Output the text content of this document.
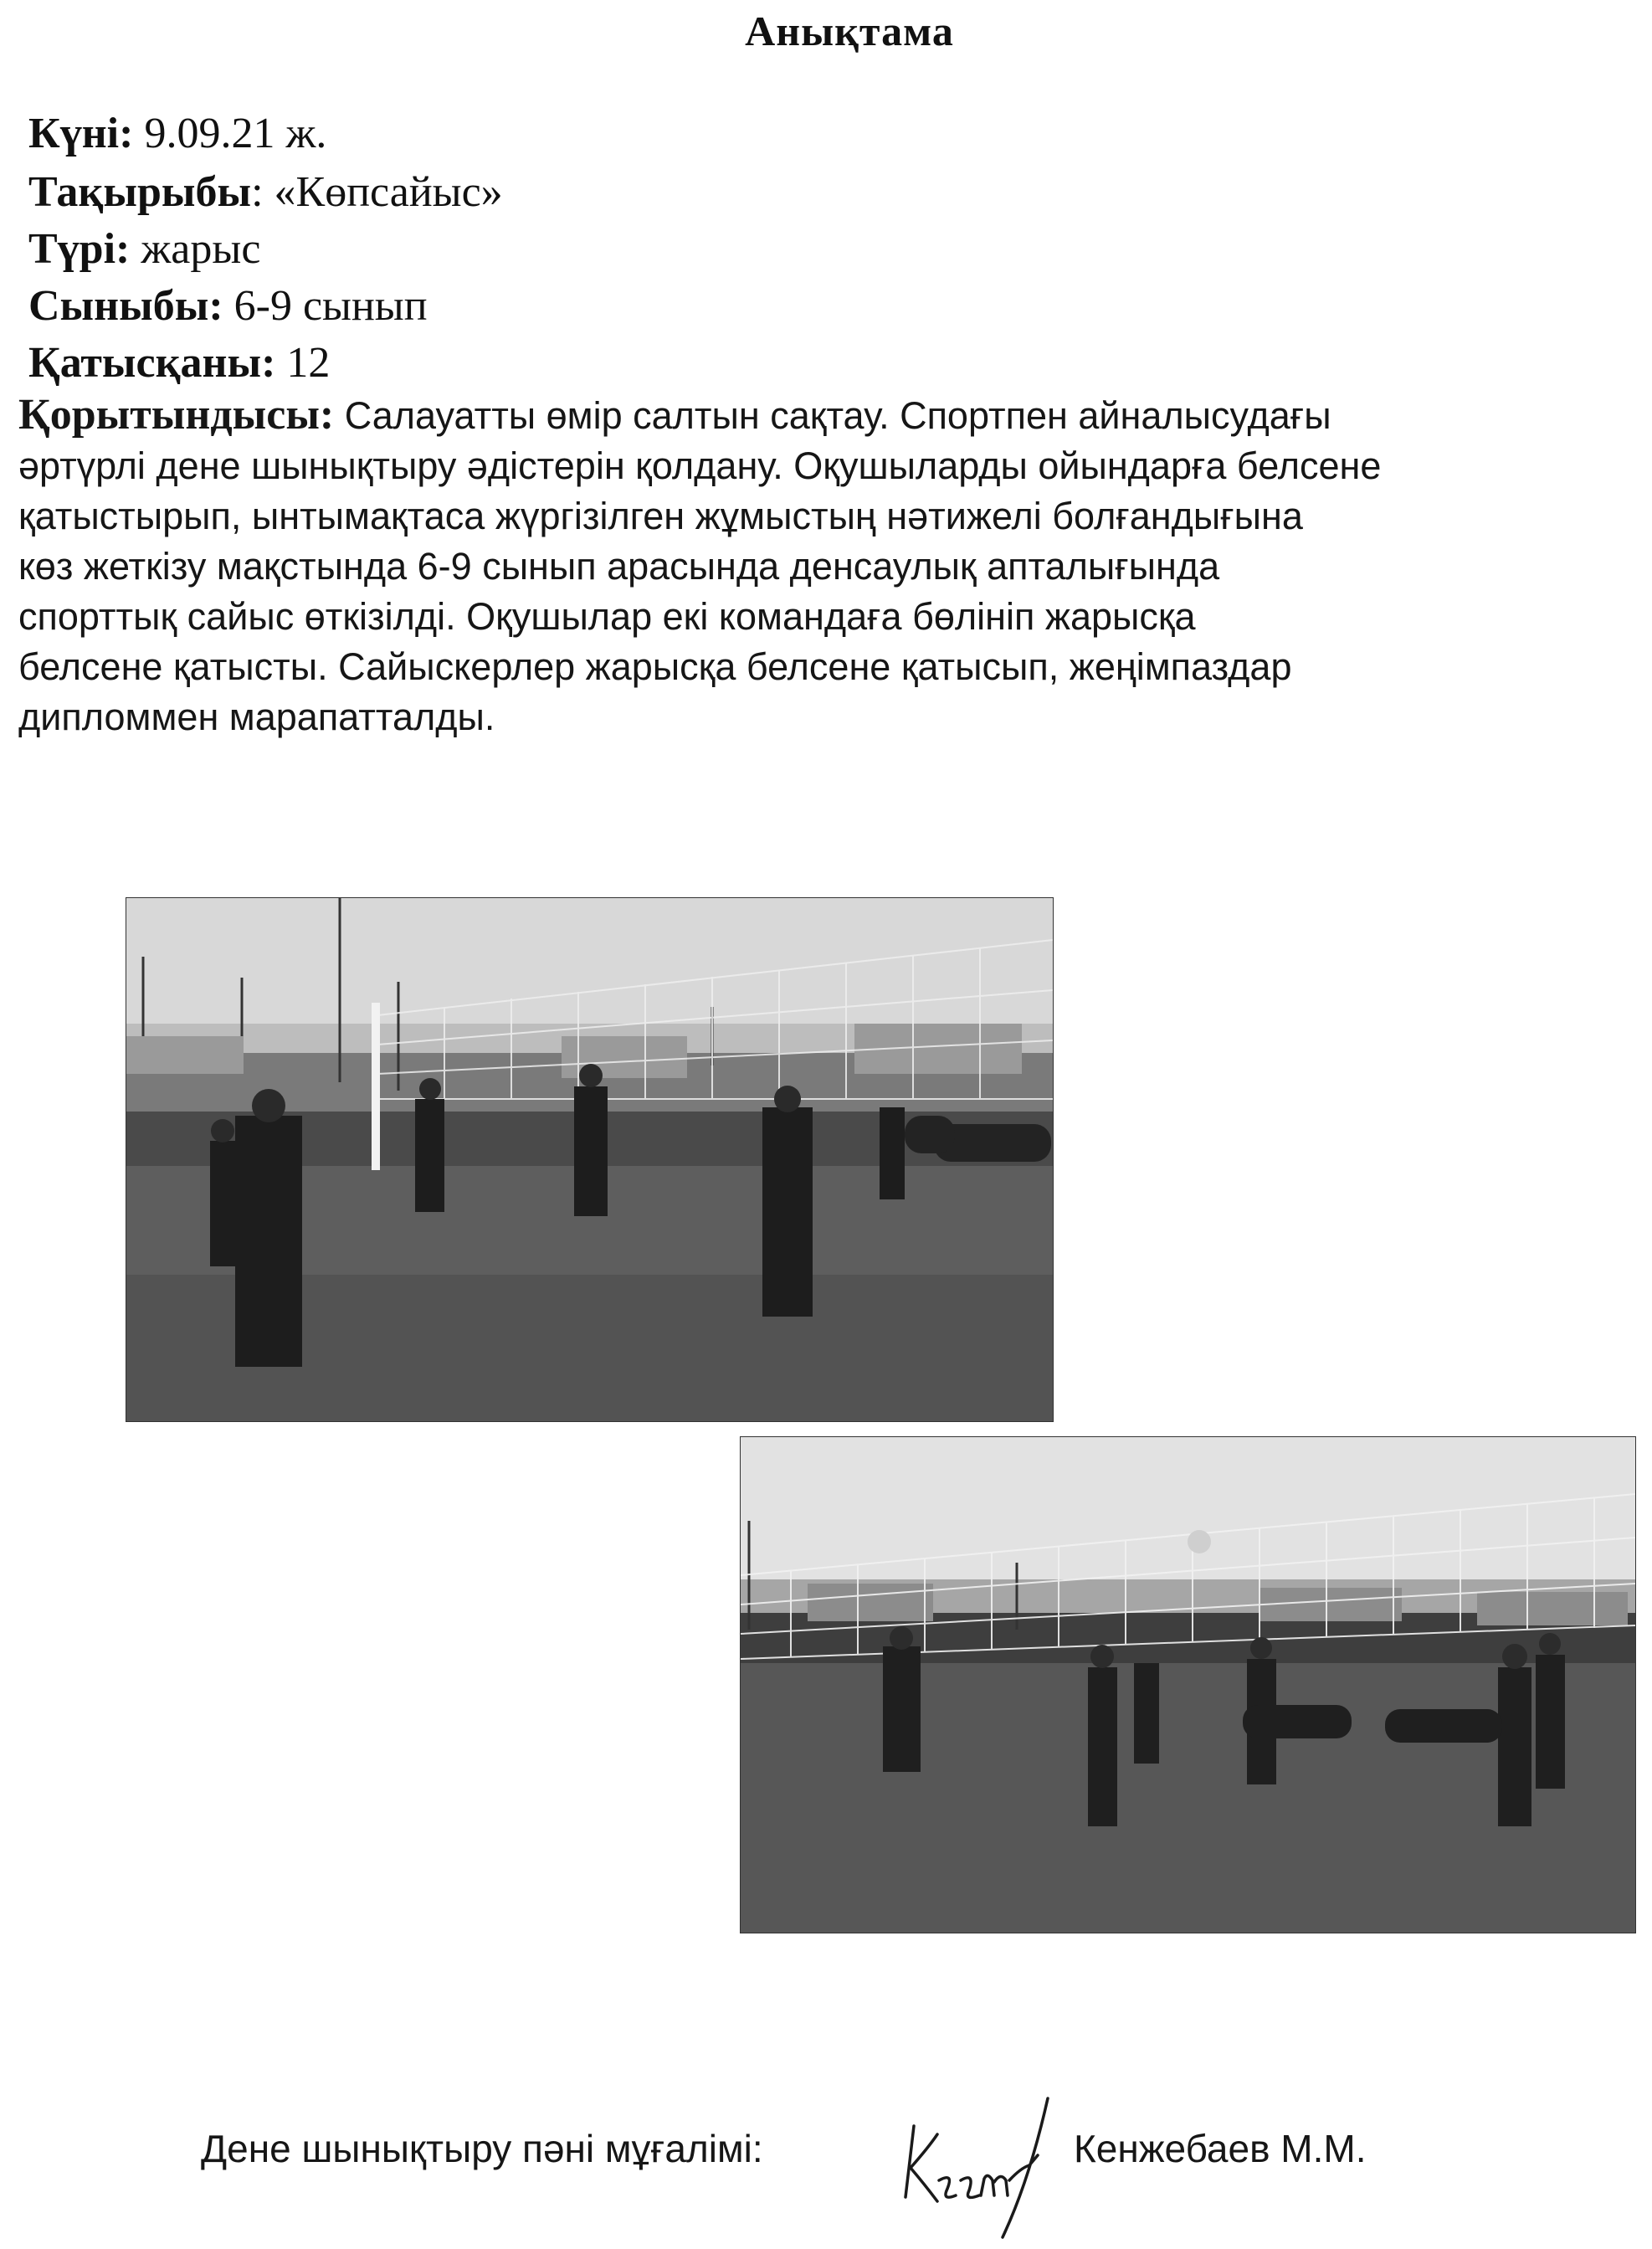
Анықтама
Күні: 9.09.21 ж.
Тақырыбы: «Көпсайыс»
Түрі: жарыс
Сыныбы: 6-9 сынып
Қатысқаны: 12
Қорытындысы: Салауатты өмір салтын сақтау. Спортпен айналысудағы
әртүрлі дене шынықтыру әдістерін қолдану. Оқушыларды ойындарға белсене
қатыстырып, ынтымақтаса жүргізілген жұмыстың нәтижелі болғандығына
көз жеткізу мақстында 6-9 сынып арасында денсаулық апталығында
спорттық сайыс өткізілді. Оқушылар екі командаға бөлініп жарысқа
белсене қатысты. Сайыскерлер жарысқа белсене қатысып, жеңімпаздар
дипломмен марапатталды.
Дене шынықтыру пәні мұғалімі:	Кенжебаев М.М.
